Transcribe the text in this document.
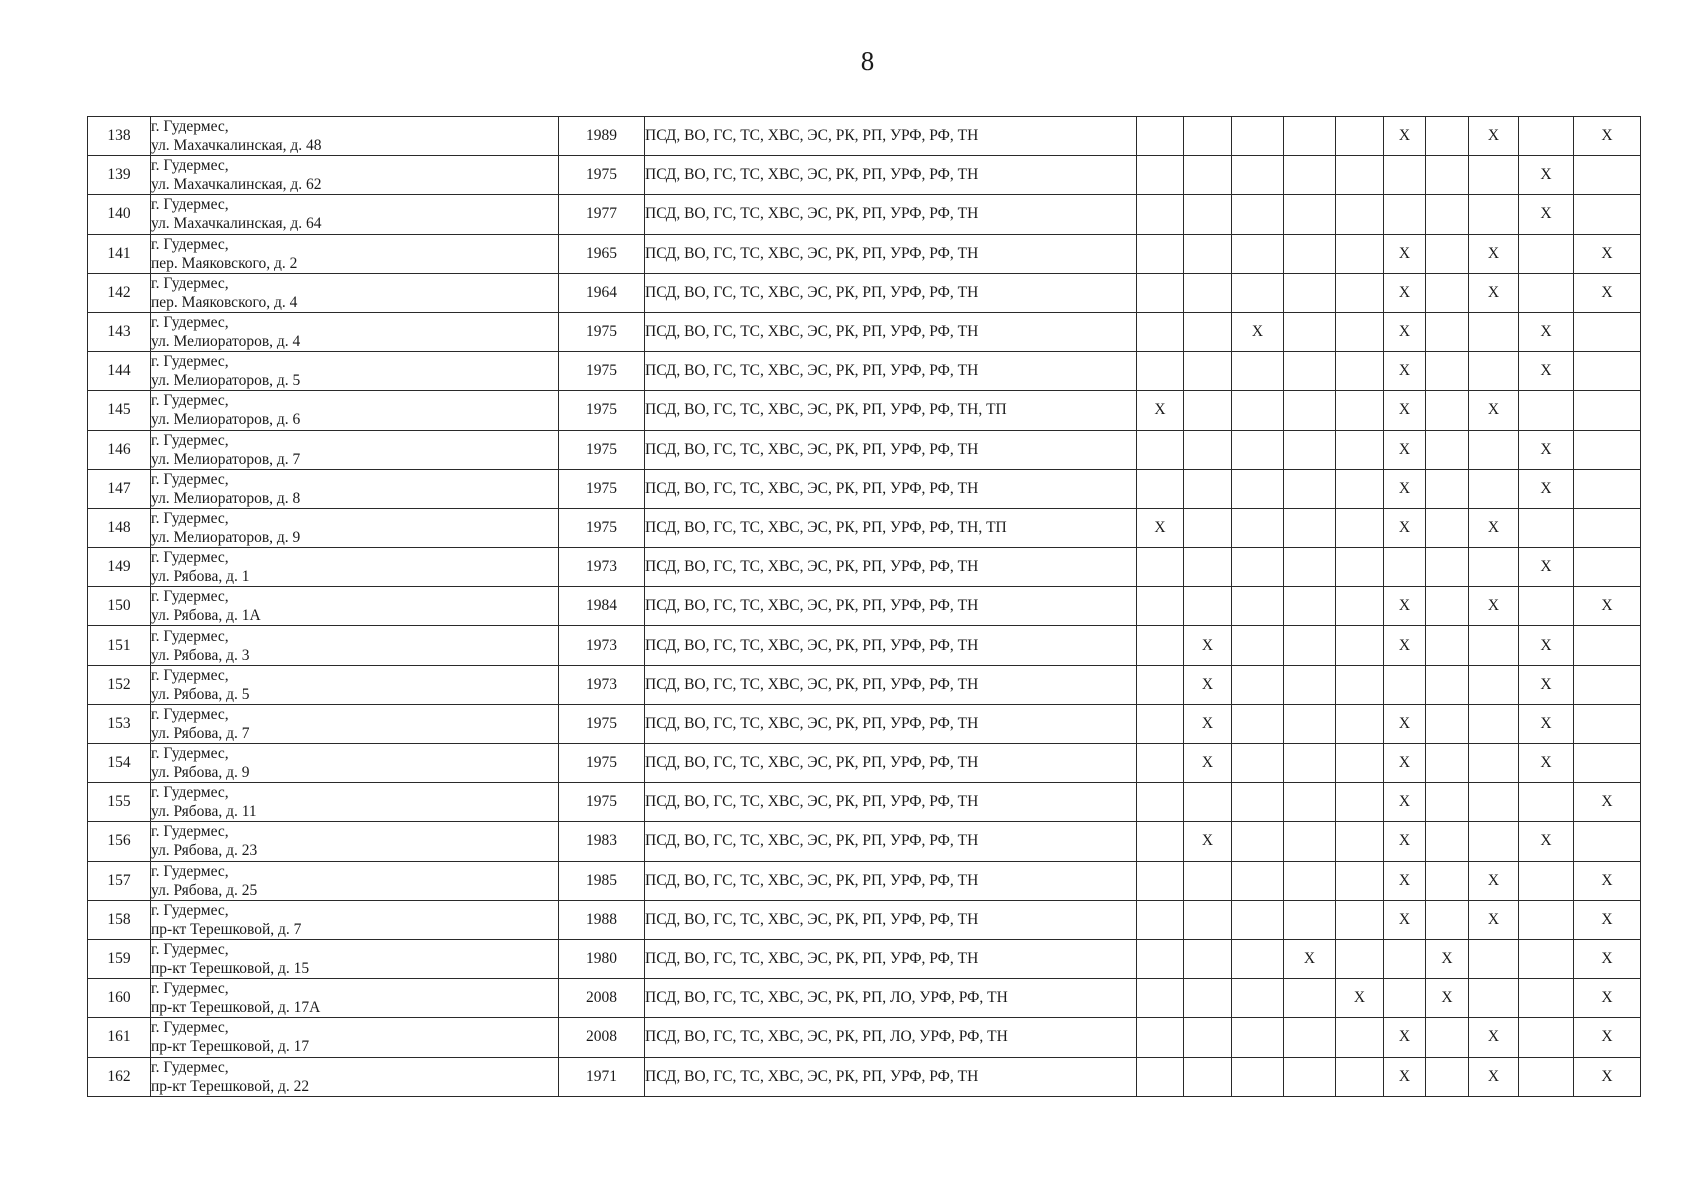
8
138	г. Гудермес,
ул. Махачкалинская, д. 48	1989	ПСД, ВО, ГС, ТС, ХВС, ЭС, РК, РП, УРФ, РФ, ТН						X		X		X
139	г. Гудермес,
ул. Махачкалинская, д. 62	1975	ПСД, ВО, ГС, ТС, ХВС, ЭС, РК, РП, УРФ, РФ, ТН									X	
140	г. Гудермес,
ул. Махачкалинская, д. 64	1977	ПСД, ВО, ГС, ТС, ХВС, ЭС, РК, РП, УРФ, РФ, ТН									X	
141	г. Гудермес,
пер. Маяковского, д. 2	1965	ПСД, ВО, ГС, ТС, ХВС, ЭС, РК, РП, УРФ, РФ, ТН						X		X		X
142	г. Гудермес,
пер. Маяковского, д. 4	1964	ПСД, ВО, ГС, ТС, ХВС, ЭС, РК, РП, УРФ, РФ, ТН						X		X		X
143	г. Гудермес,
ул. Мелиораторов, д. 4	1975	ПСД, ВО, ГС, ТС, ХВС, ЭС, РК, РП, УРФ, РФ, ТН			X			X			X	
144	г. Гудермес,
ул. Мелиораторов, д. 5	1975	ПСД, ВО, ГС, ТС, ХВС, ЭС, РК, РП, УРФ, РФ, ТН						X			X	
145	г. Гудермес,
ул. Мелиораторов, д. 6	1975	ПСД, ВО, ГС, ТС, ХВС, ЭС, РК, РП, УРФ, РФ, ТН, ТП	X					X		X		
146	г. Гудермес,
ул. Мелиораторов, д. 7	1975	ПСД, ВО, ГС, ТС, ХВС, ЭС, РК, РП, УРФ, РФ, ТН						X			X	
147	г. Гудермес,
ул. Мелиораторов, д. 8	1975	ПСД, ВО, ГС, ТС, ХВС, ЭС, РК, РП, УРФ, РФ, ТН						X			X	
148	г. Гудермес,
ул. Мелиораторов, д. 9	1975	ПСД, ВО, ГС, ТС, ХВС, ЭС, РК, РП, УРФ, РФ, ТН, ТП	X					X		X		
149	г. Гудермес,
ул. Рябова, д. 1	1973	ПСД, ВО, ГС, ТС, ХВС, ЭС, РК, РП, УРФ, РФ, ТН									X	
150	г. Гудермес,
ул. Рябова, д. 1А	1984	ПСД, ВО, ГС, ТС, ХВС, ЭС, РК, РП, УРФ, РФ, ТН						X		X		X
151	г. Гудермес,
ул. Рябова, д. 3	1973	ПСД, ВО, ГС, ТС, ХВС, ЭС, РК, РП, УРФ, РФ, ТН		X				X			X	
152	г. Гудермес,
ул. Рябова, д. 5	1973	ПСД, ВО, ГС, ТС, ХВС, ЭС, РК, РП, УРФ, РФ, ТН		X							X	
153	г. Гудермес,
ул. Рябова, д. 7	1975	ПСД, ВО, ГС, ТС, ХВС, ЭС, РК, РП, УРФ, РФ, ТН		X				X			X	
154	г. Гудермес,
ул. Рябова, д. 9	1975	ПСД, ВО, ГС, ТС, ХВС, ЭС, РК, РП, УРФ, РФ, ТН		X				X			X	
155	г. Гудермес,
ул. Рябова, д. 11	1975	ПСД, ВО, ГС, ТС, ХВС, ЭС, РК, РП, УРФ, РФ, ТН						X				X
156	г. Гудермес,
ул. Рябова, д. 23	1983	ПСД, ВО, ГС, ТС, ХВС, ЭС, РК, РП, УРФ, РФ, ТН		X				X			X	
157	г. Гудермес,
ул. Рябова, д. 25	1985	ПСД, ВО, ГС, ТС, ХВС, ЭС, РК, РП, УРФ, РФ, ТН						X		X		X
158	г. Гудермес,
пр-кт Терешковой, д. 7	1988	ПСД, ВО, ГС, ТС, ХВС, ЭС, РК, РП, УРФ, РФ, ТН						X		X		X
159	г. Гудермес,
пр-кт Терешковой, д. 15	1980	ПСД, ВО, ГС, ТС, ХВС, ЭС, РК, РП, УРФ, РФ, ТН				X			X			X
160	г. Гудермес,
пр-кт Терешковой, д. 17А	2008	ПСД, ВО, ГС, ТС, ХВС, ЭС, РК, РП, ЛО, УРФ, РФ, ТН					X		X			X
161	г. Гудермес,
пр-кт Терешковой, д. 17	2008	ПСД, ВО, ГС, ТС, ХВС, ЭС, РК, РП, ЛО, УРФ, РФ, ТН						X		X		X
162	г. Гудермес,
пр-кт Терешковой, д. 22	1971	ПСД, ВО, ГС, ТС, ХВС, ЭС, РК, РП, УРФ, РФ, ТН						X		X		X
